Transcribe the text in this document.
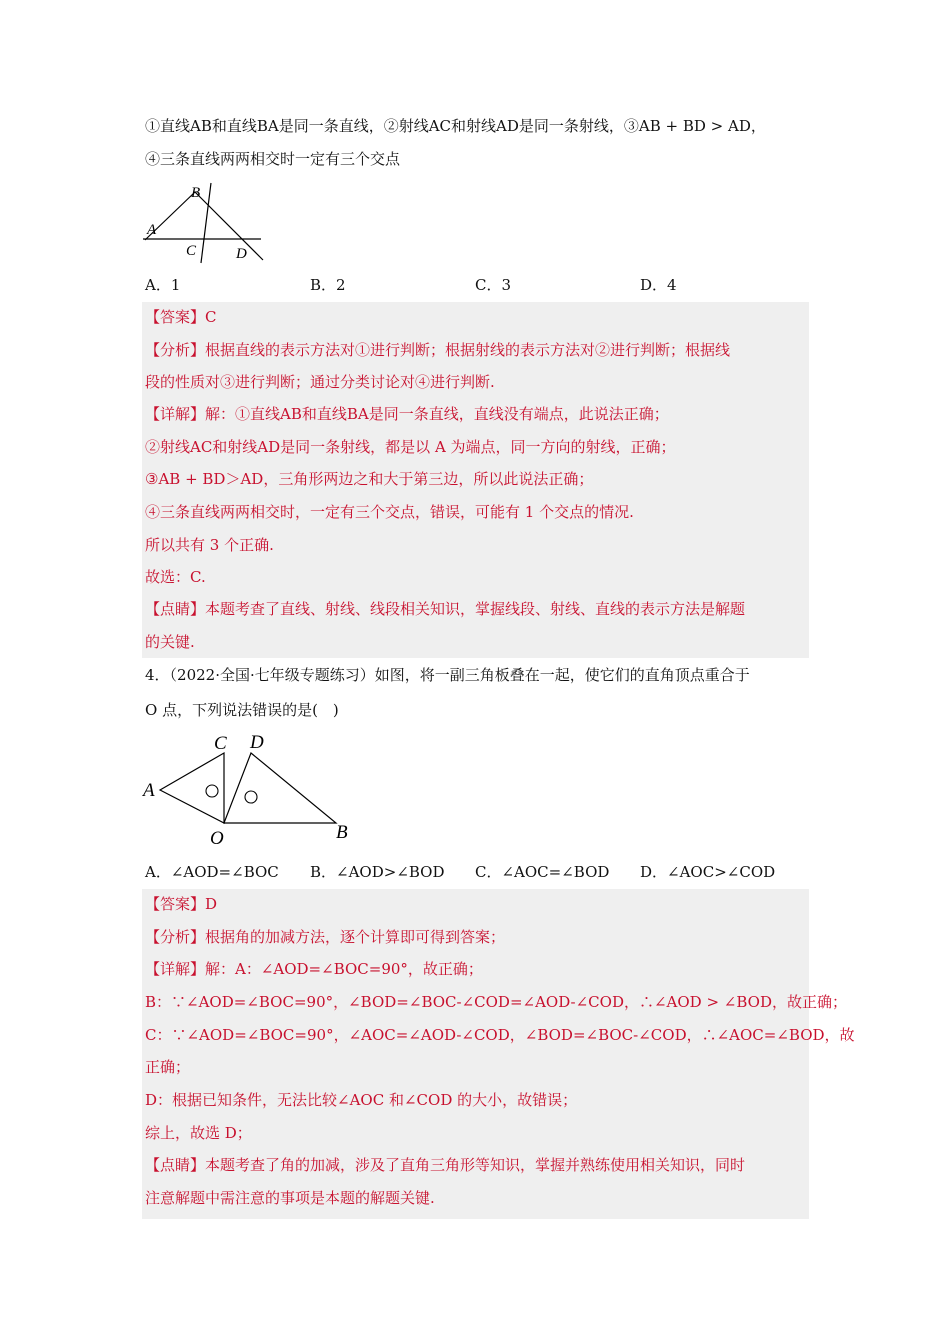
①直线AB和直线BA是同一条直线，②射线AC和射线AD是同一条射线，③AB + BD > AD，
④三条直线两两相交时一定有三个交点
B
A
C	D
A．1	B．2	C．3	D．4
【答案】C
【分析】根据直线的表示方法对①进行判断；根据射线的表示方法对②进行判断；根据线
段的性质对③进行判断；通过分类讨论对④进行判断.
【详解】解：①直线AB和直线BA是同一条直线，直线没有端点，此说法正确；
②射线AC和射线AD是同一条射线，都是以 A 为端点，同一方向的射线，正确；
③AB + BD＞AD，三角形两边之和大于第三边，所以此说法正确；
④三条直线两两相交时，一定有三个交点，错误，可能有 1 个交点的情况.
所以共有 3 个正确.
故选：C.
【点睛】本题考查了直线、射线、线段相关知识，掌握线段、射线、直线的表示方法是解题
的关键.
4．（2022·全国·七年级专题练习）如图，将一副三角板叠在一起，使它们的直角顶点重合于
O 点，下列说法错误的是(　)
C D
A
O	B
A．∠AOD=∠BOC B．∠AOD>∠BOD C．∠AOC=∠BOD D．∠AOC>∠COD
【答案】D
【分析】根据角的加减方法，逐个计算即可得到答案；
【详解】解：A：∠AOD=∠BOC=90°，故正确；
B：∵∠AOD=∠BOC=90°，∠BOD=∠BOC-∠COD=∠AOD-∠COD，∴∠AOD > ∠BOD，故正确；
C：∵∠AOD=∠BOC=90°，∠AOC=∠AOD-∠COD，∠BOD=∠BOC-∠COD，∴∠AOC=∠BOD，故
正确；
D：根据已知条件，无法比较∠AOC 和∠COD 的大小，故错误；
综上，故选 D；
【点睛】本题考查了角的加减，涉及了直角三角形等知识，掌握并熟练使用相关知识，同时
注意解题中需注意的事项是本题的解题关键.
